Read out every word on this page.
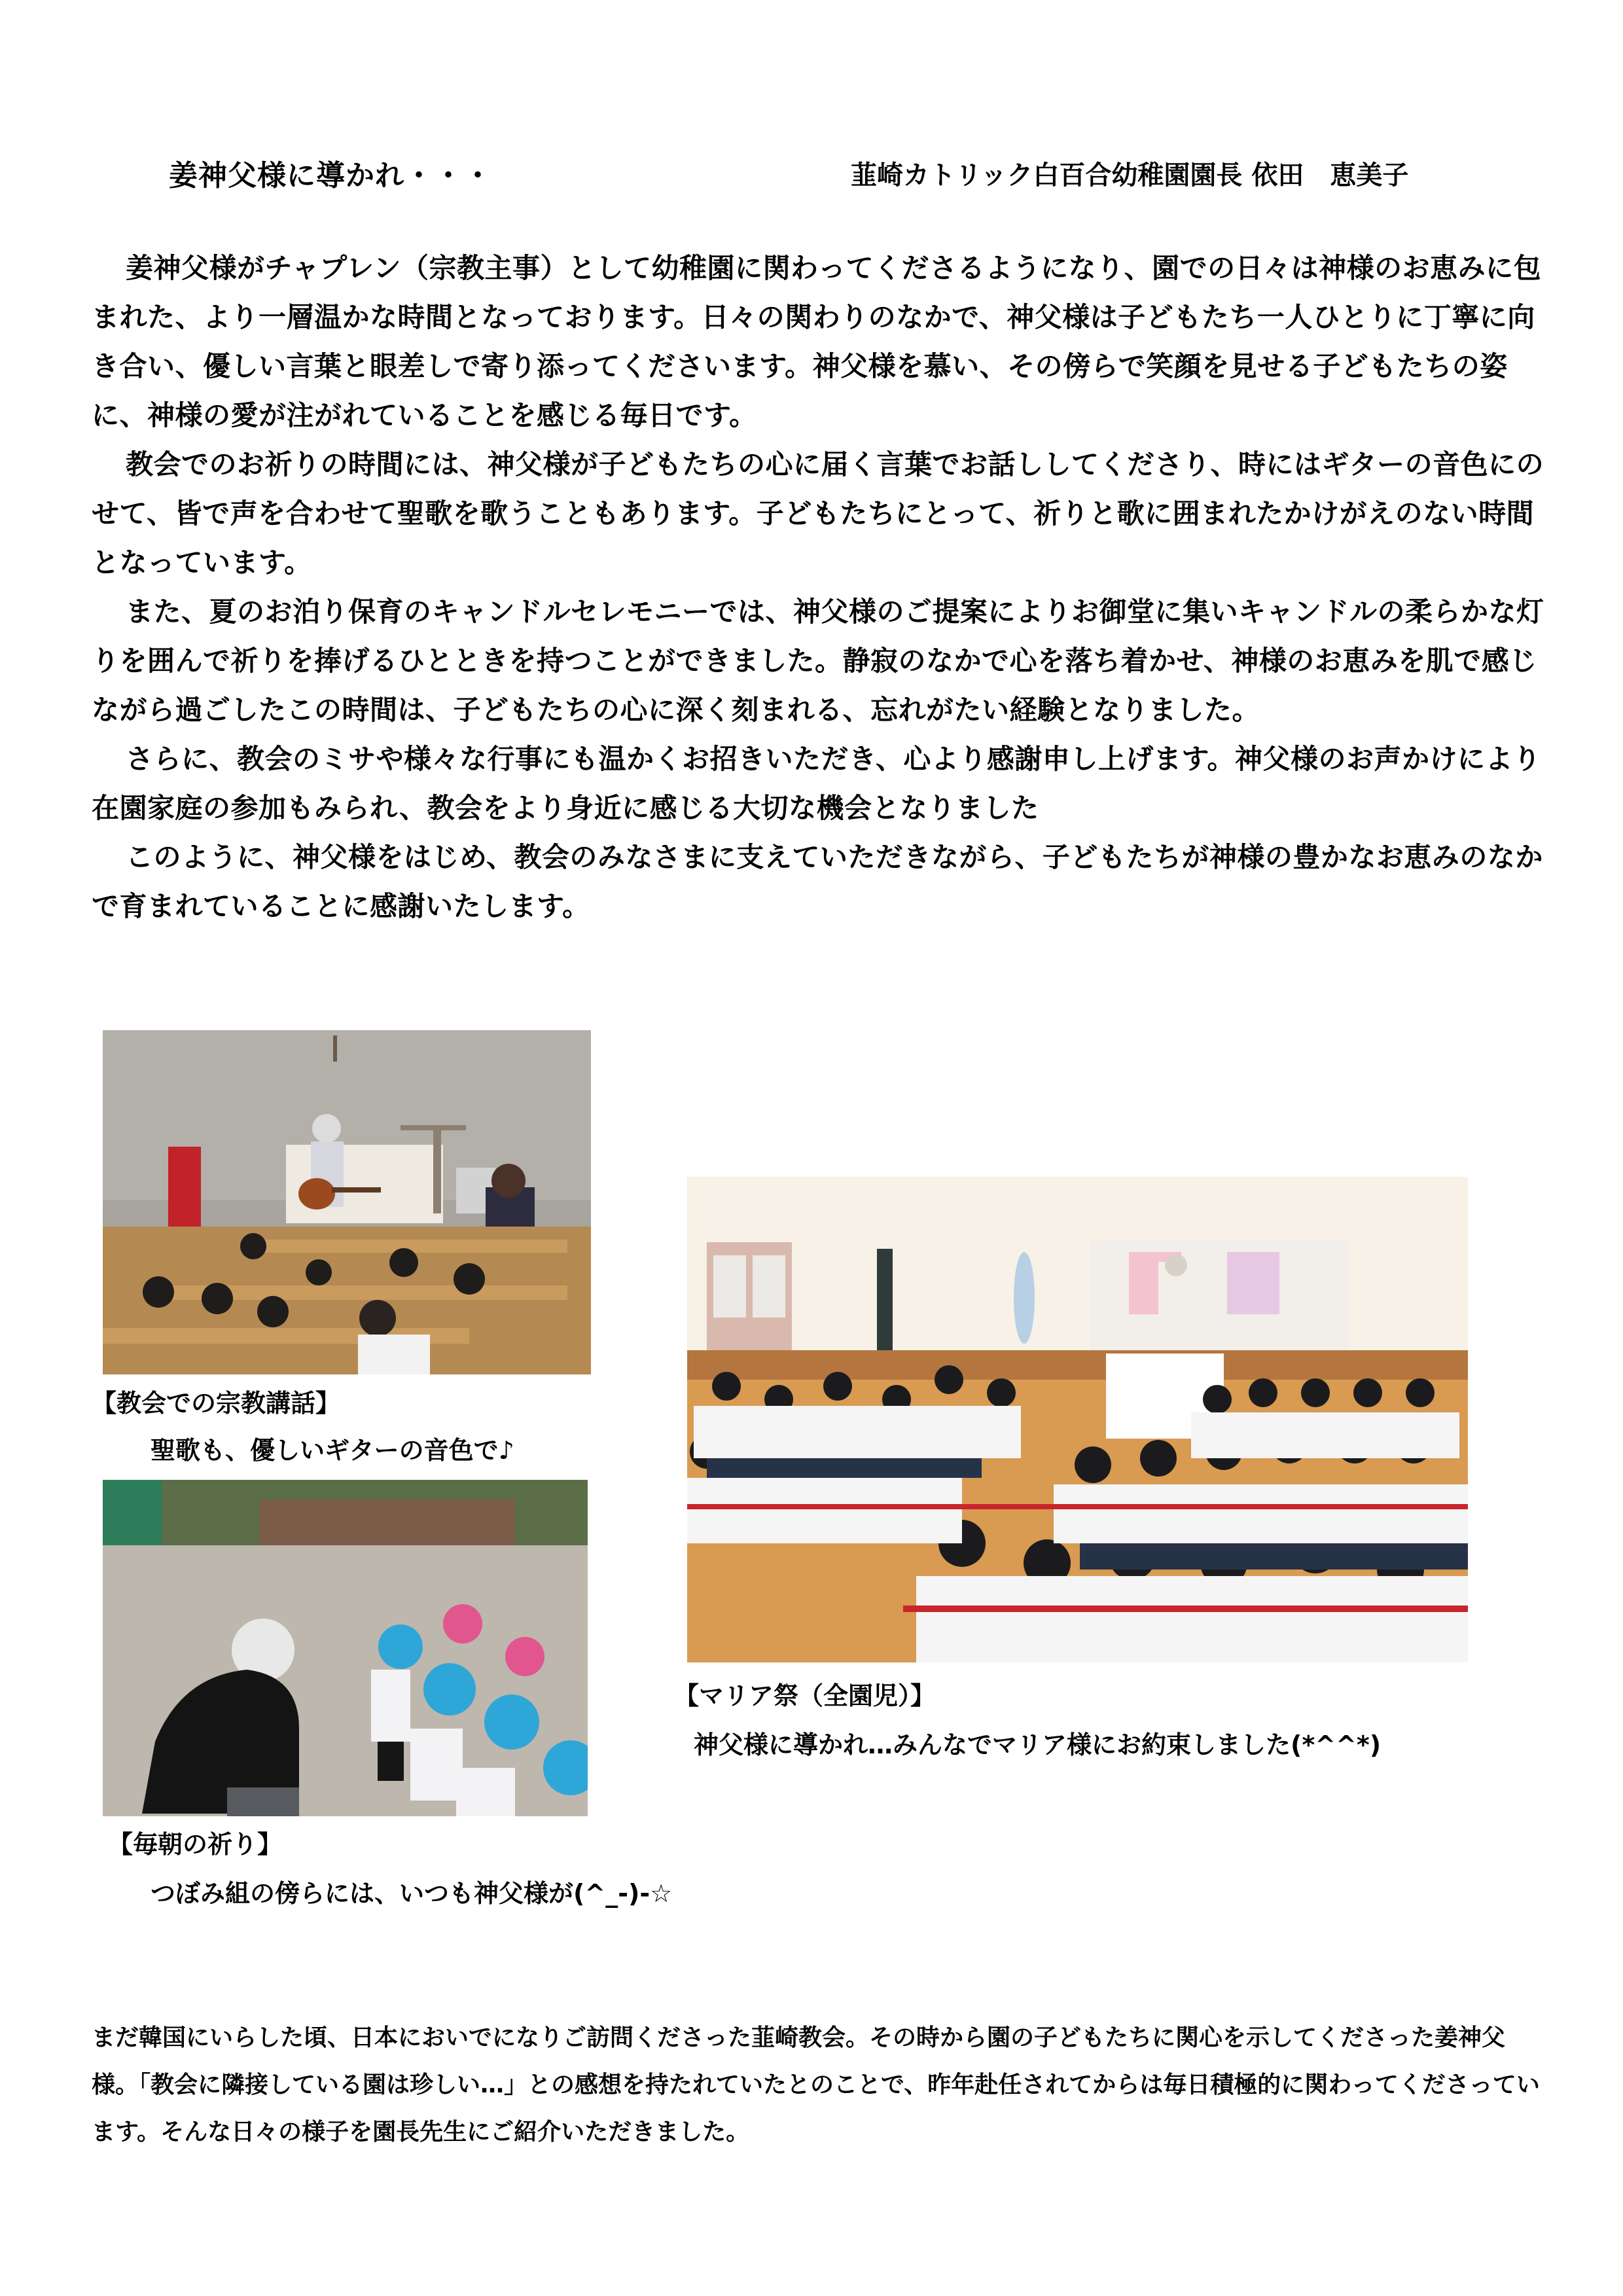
姜神父様に導かれ・・・	韮崎カトリック白百合幼稚園園長 依田　恵美子

姜神父様がチャプレン（宗教主事）として幼稚園に関わってくださるようになり、園での日々は神様のお恵みに包まれた、より一層温かな時間となっております。日々の関わりのなかで、神父様は子どもたち一人ひとりに丁寧に向き合い、優しい言葉と眼差しで寄り添ってくださいます。神父様を慕い、その傍らで笑顔を見せる子どもたちの姿に、神様の愛が注がれていることを感じる毎日です。

教会でのお祈りの時間には、神父様が子どもたちの心に届く言葉でお話ししてくださり、時にはギターの音色にのせて、皆で声を合わせて聖歌を歌うこともあります。子どもたちにとって、祈りと歌に囲まれたかけがえのない時間となっています。

また、夏のお泊り保育のキャンドルセレモニーでは、神父様のご提案によりお御堂に集いキャンドルの柔らかな灯りを囲んで祈りを捧げるひとときを持つことができました。静寂のなかで心を落ち着かせ、神様のお恵みを肌で感じながら過ごしたこの時間は、子どもたちの心に深く刻まれる、忘れがたい経験となりました。

さらに、教会のミサや様々な行事にも温かくお招きいただき、心より感謝申し上げます。神父様のお声かけにより在園家庭の参加もみられ、教会をより身近に感じる大切な機会となりました

このように、神父様をはじめ、教会のみなさまに支えていただきながら、子どもたちが神様の豊かなお恵みのなかで育まれていることに感謝いたします。

【教会での宗教講話】
聖歌も、優しいギターの音色で♪
【毎朝の祈り】
つぼみ組の傍らには、いつも神父様が(^_-)-☆
【マリア祭（全園児）】
神父様に導かれ…みんなでマリア様にお約束しました(*^^*)
まだ韓国にいらした頃、日本においでになりご訪問くださった韮崎教会。その時から園の子どもたちに関心を示してくださった姜神父様。「教会に隣接している園は珍しい…」との感想を持たれていたとのことで、昨年赴任されてからは毎日積極的に関わってくださっています。そんな日々の様子を園長先生にご紹介いただきました。
